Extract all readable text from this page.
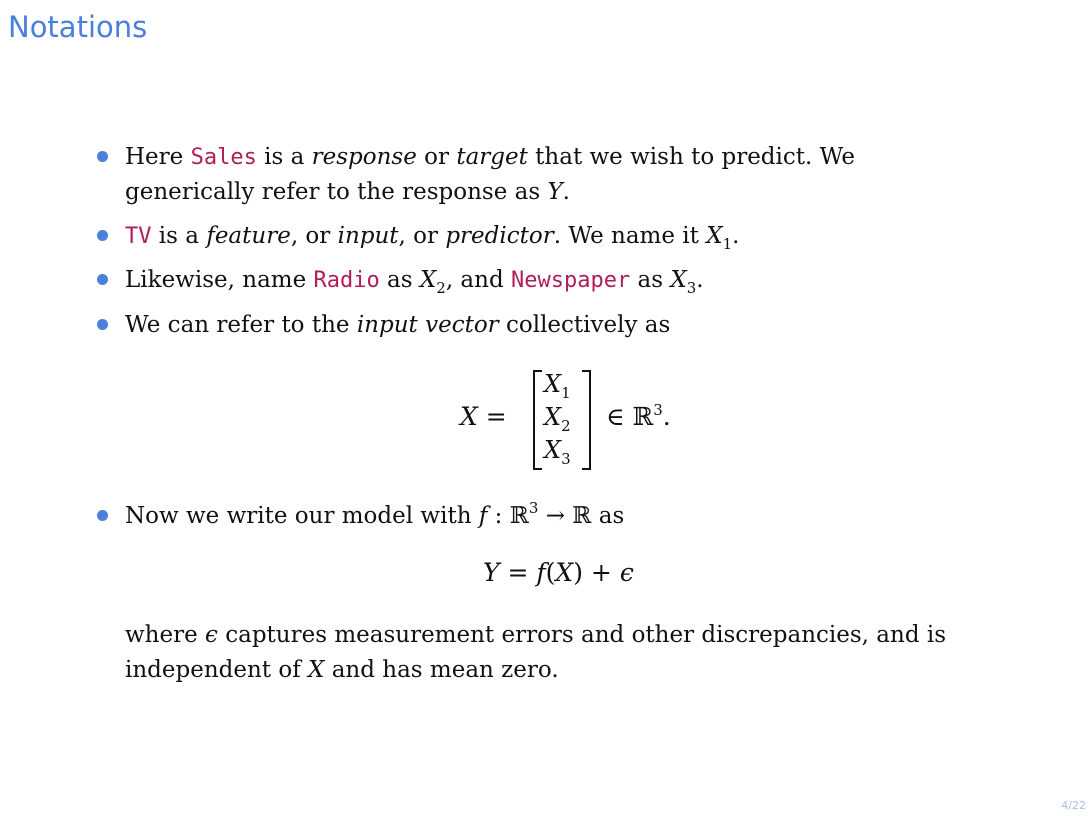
Notations
Here Sales is a response or target that we wish to predict. We
generically refer to the response as Y.
TV is a feature, or input, or predictor. We name it $X_1$.
Likewise, name Radio as $X_2$, and Newspaper as $X_3$.
We can refer to the input vector collectively as
X =
$X_1$
$X_2$
$X_3$
∈ ℝ$^3$.
Now we write our model with f : ℝ$^3$ → ℝ as
Y = f(X) + ϵ
where ϵ captures measurement errors and other discrepancies, and is
independent of X and has mean zero.
4/22
